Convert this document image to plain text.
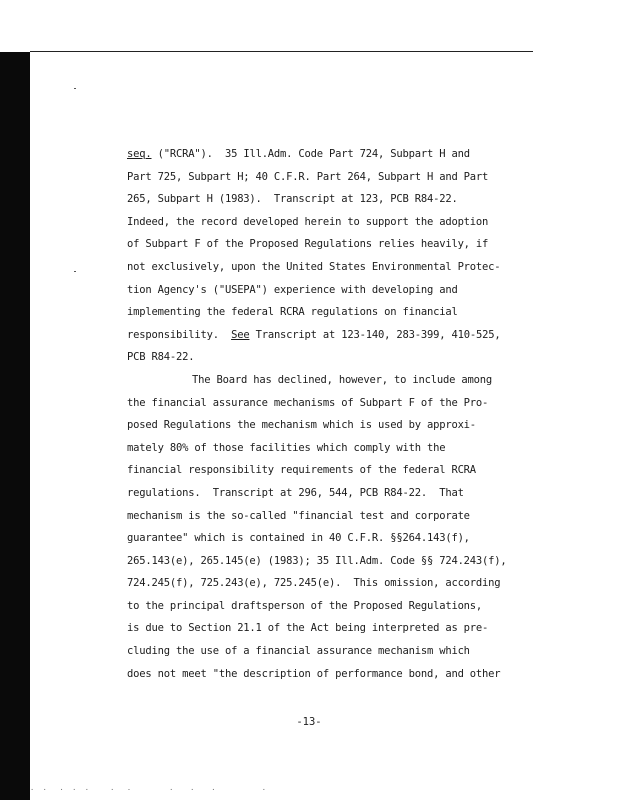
seq. ("RCRA").  35 Ill.Adm. Code Part 724, Subpart H and
Part 725, Subpart H; 40 C.F.R. Part 264, Subpart H and Part
265, Subpart H (1983).  Transcript at 123, PCB R84-22.
Indeed, the record developed herein to support the adoption
of Subpart F of the Proposed Regulations relies heavily, if
not exclusively, upon the United States Environmental Protec-
tion Agency's ("USEPA") experience with developing and
implementing the federal RCRA regulations on financial
responsibility.  See Transcript at 123-140, 283-399, 410-525,
PCB R84-22.
The Board has declined, however, to include among
the financial assurance mechanisms of Subpart F of the Pro-
posed Regulations the mechanism which is used by approxi-
mately 80% of those facilities which comply with the
financial responsibility requirements of the federal RCRA
regulations.  Transcript at 296, 544, PCB R84-22.  That
mechanism is the so-called "financial test and corporate
guarantee" which is contained in 40 C.F.R. §§264.143(f),
265.143(e), 265.145(e) (1983); 35 Ill.Adm. Code §§ 724.243(f),
724.245(f), 725.243(e), 725.245(e).  This omission, according
to the principal draftsperson of the Proposed Regulations,
is due to Section 21.1 of the Act being interpreted as pre-
cluding the use of a financial assurance mechanism which
does not meet "the description of performance bond, and other
-13-
.  .   .  .  .     .   .         .    .    .           .
